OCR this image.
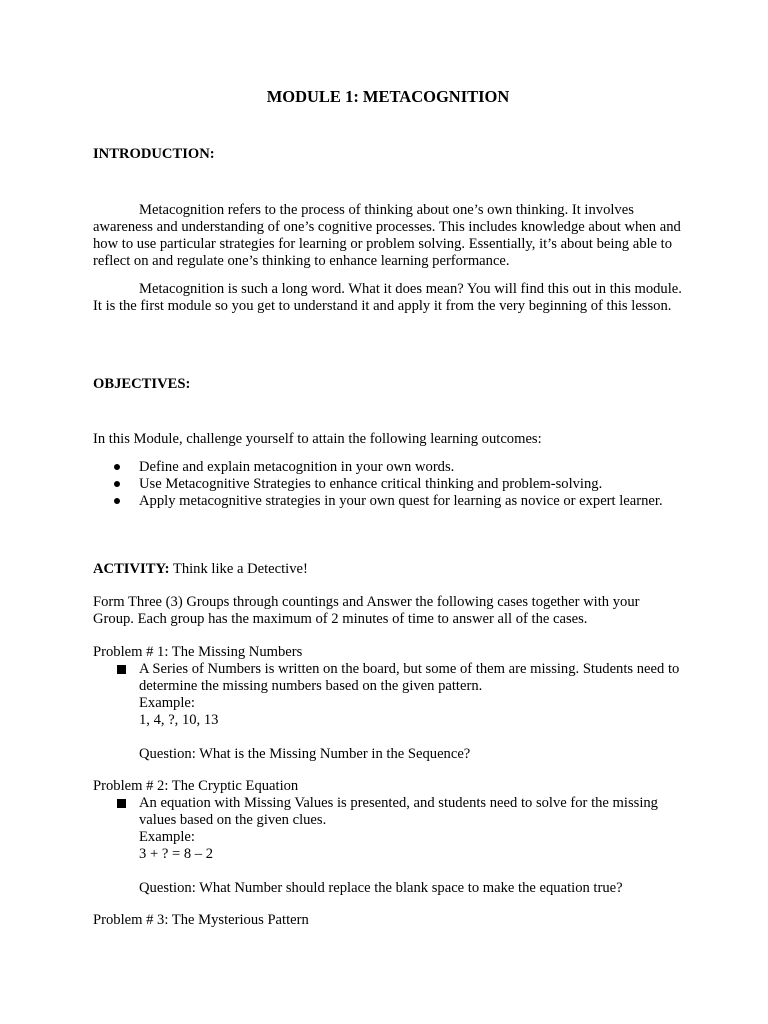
MODULE 1: METACOGNITION
INTRODUCTION:

Metacognition refers to the process of thinking about one’s own thinking. It involves awareness and understanding of one’s cognitive processes. This includes knowledge about when and how to use particular strategies for learning or problem solving. Essentially, it’s about being able to reflect on and regulate one’s thinking to enhance learning performance.

Metacognition is such a long word. What it does mean? You will find this out in this module. It is the first module so you get to understand it and apply it from the very beginning of this lesson.

OBJECTIVES:
In this Module, challenge yourself to attain the following learning outcomes:
Define and explain metacognition in your own words.
Use Metacognitive Strategies to enhance critical thinking and problem-solving.
Apply metacognitive strategies in your own quest for learning as novice or expert learner.
ACTIVITY: Think like a Detective!
Form Three (3) Groups through countings and Answer the following cases together with your Group. Each group has the maximum of 2 minutes of time to answer all of the cases.
Problem # 1: The Missing Numbers
A Series of Numbers is written on the board, but some of them are missing. Students need to determine the missing numbers based on the given pattern.
Example:
1, 4, ?, 10, 13
Question: What is the Missing Number in the Sequence?
Problem # 2: The Cryptic Equation
An equation with Missing Values is presented, and students need to solve for the missing values based on the given clues.
Example:
3 + ? = 8 – 2
Question: What Number should replace the blank space to make the equation true?
Problem # 3: The Mysterious Pattern
